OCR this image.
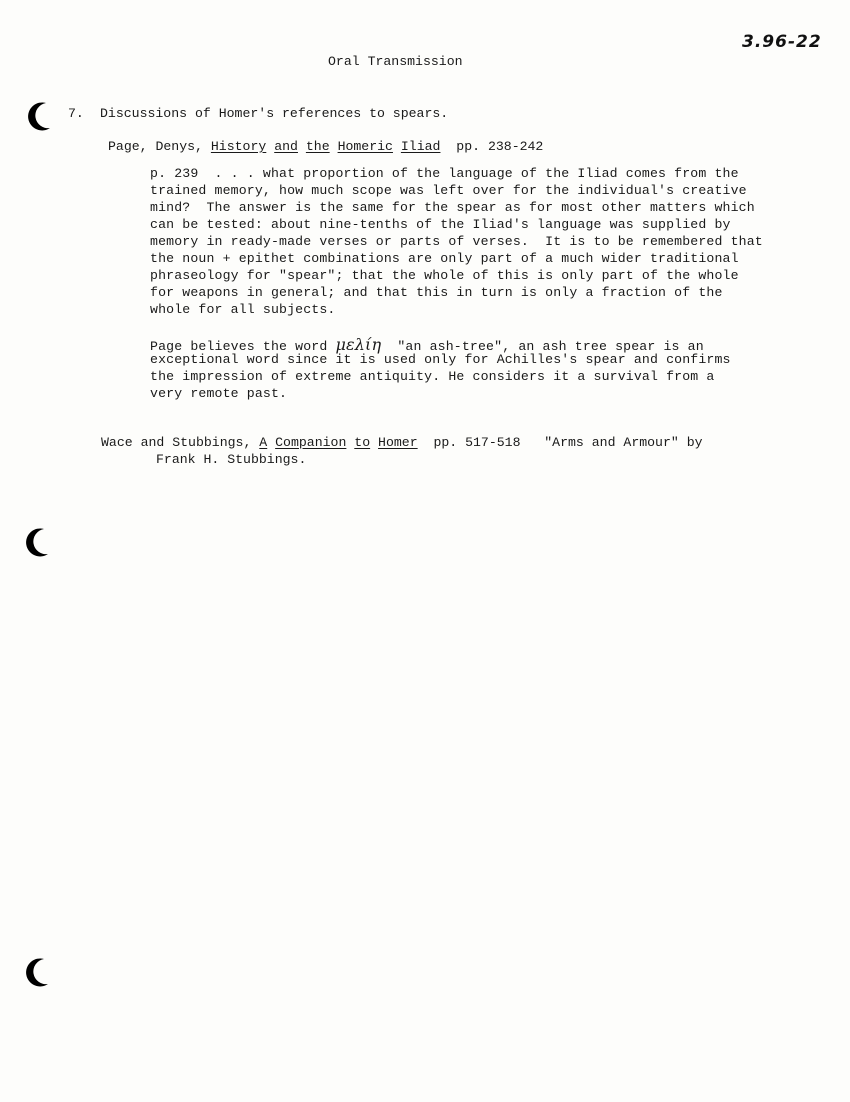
3.96-22
Oral Transmission
7. Discussions of Homer's references to spears.
Page, Denys, History and the Homeric Iliad pp. 238-242
p. 239  . . . what proportion of the language of the Iliad comes from the
trained memory, how much scope was left over for the individual's creative
mind?  The answer is the same for the spear as for most other matters which
can be tested: about nine-tenths of the Iliad's language was supplied by
memory in ready-made verses or parts of verses.  It is to be remembered that
the noun + epithet combinations are only part of a much wider traditional
phraseology for "spear"; that the whole of this is only part of the whole
for weapons in general; and that this in turn is only a fraction of the
whole for all subjects.
Page believes the word μελίη "an ash-tree", an ash tree spear is an
exceptional word since it is used only for Achilles's spear and confirms
the impression of extreme antiquity. He considers it a survival from a
very remote past.
Wace and Stubbings, A Companion to Homer pp. 517-518 "Arms and Armour" by
Frank H. Stubbings.
